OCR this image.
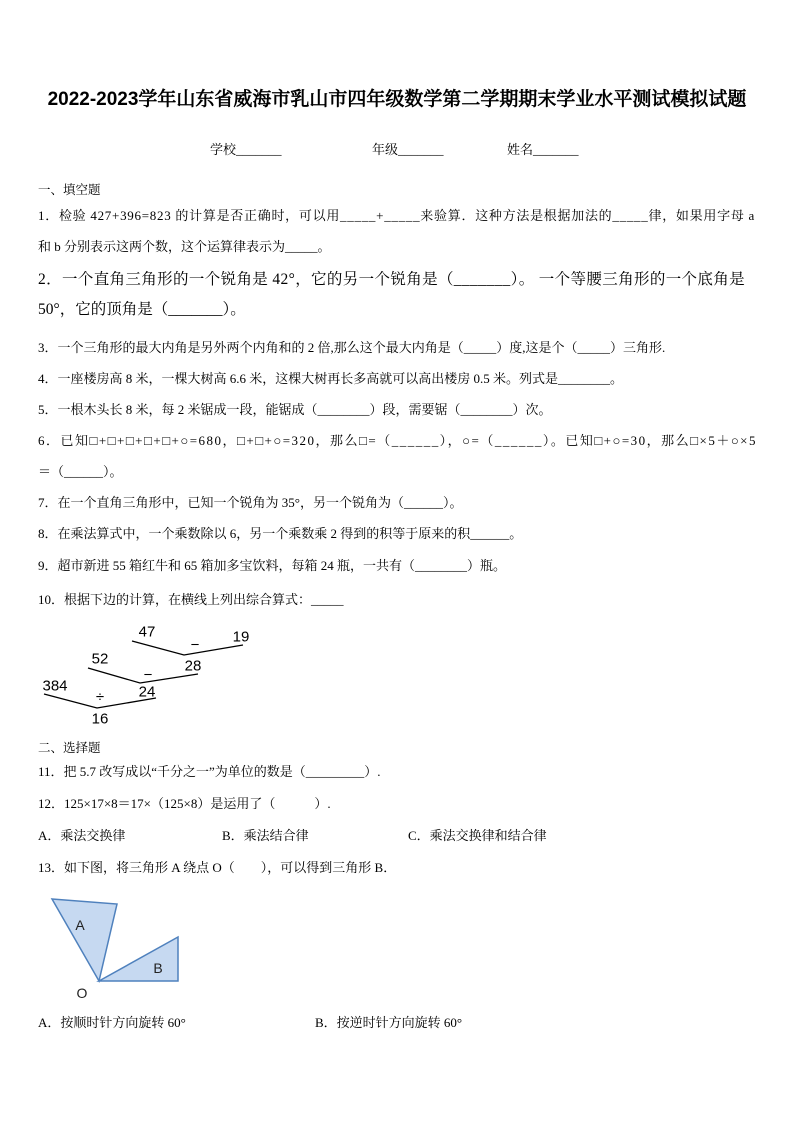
2022-2023学年山东省威海市乳山市四年级数学第二学期期末学业水平测试模拟试题
学校_______	年级_______	姓名_______
一、填空题
1．检验 427+396=823 的计算是否正确时，可以用_____+_____来验算．这种方法是根据加法的_____律，如果用字母 a
和 b 分别表示这两个数，这个运算律表示为_____。
2．一个直角三角形的一个锐角是 42°，它的另一个锐角是（_______）。 一个等腰三角形的一个底角是
50°，它的顶角是（_______）。
3．一个三角形的最大内角是另外两个内角和的 2 倍,那么这个最大内角是（_____）度,这是个（_____）三角形.
4．一座楼房高 8 米，一棵大树高 6.6 米，这棵大树再长多高就可以高出楼房 0.5 米。列式是________。
5．一根木头长 8 米，每 2 米锯成一段，能锯成（________）段，需要锯（________）次。
6．已知□+□+□+□+□+○=680，□+□+○=320，那么□=（______），○=（______）。已知□+○=30，那么□×5＋○×5
＝（______）。
7．在一个直角三角形中，已知一个锐角为 35°，另一个锐角为（______）。
8．在乘法算式中，一个乘数除以 6，另一个乘数乘 2 得到的积等于原来的积______。
9．超市新进 55 箱红牛和 65 箱加多宝饮料，每箱 24 瓶，一共有（________）瓶。
10．根据下边的计算，在横线上列出综合算式：_____
47	19
−
28
52
−
24
384
÷
16
二、选择题
11．把 5.7 改写成以“千分之一”为单位的数是（_________）.
12．125×17×8＝17×（125×8）是运用了（　　　）.
A．乘法交换律	B．乘法结合律	C．乘法交换律和结合律
13．如下图，将三角形 A 绕点 O（　　），可以得到三角形 B．
A
B
O
A．按顺时针方向旋转 60°	B．按逆时针方向旋转 60°
